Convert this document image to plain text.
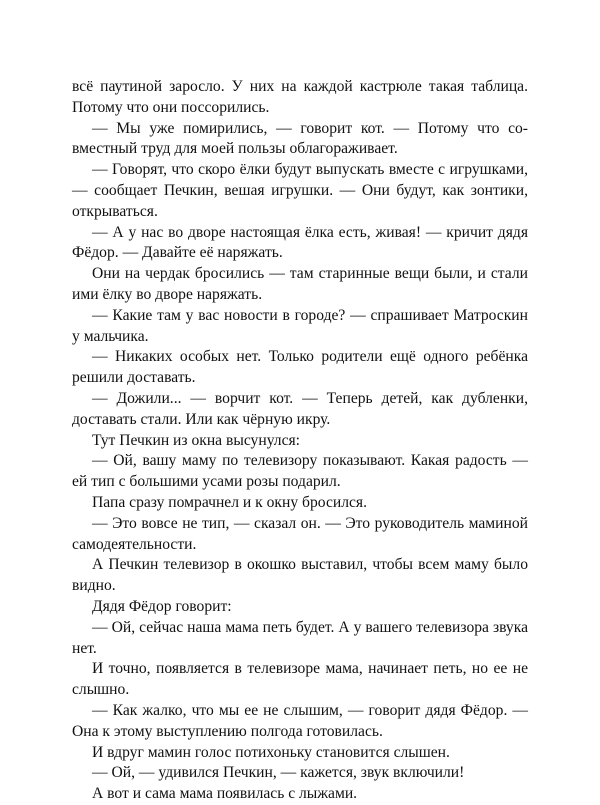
всё паутиной заросло. У них на каждой кастрюле такая таблица. Потому что они поссорились.

— Мы уже помирились, — говорит кот. — Потому что совместный труд для моей пользы облагораживает.

— Говорят, что скоро ёлки будут выпускать вместе с игрушками, — сообщает Печкин, вешая игрушки. — Они будут, как зонтики, открываться.

— А у нас во дворе настоящая ёлка есть, живая! — кричит дядя Фёдор. — Давайте её наряжать.

Они на чердак бросились — там старинные вещи были, и стали ими ёлку во дворе наряжать.

— Какие там у вас новости в городе? — спрашивает Матроскин у мальчика.

— Никаких особых нет. Только родители ещё одного ребёнка решили доставать.

— Дожили... — ворчит кот. — Теперь детей, как дубленки, доставать стали. Или как чёрную икру.

Тут Печкин из окна высунулся:

— Ой, вашу маму по телевизору показывают. Какая радость — ей тип с большими усами розы подарил.

Папа сразу помрачнел и к окну бросился.

— Это вовсе не тип, — сказал он. — Это руководитель маминой самодеятельности.

А Печкин телевизор в окошко выставил, чтобы всем маму было видно.

Дядя Фёдор говорит:

— Ой, сейчас наша мама петь будет. А у вашего телевизора звука нет.

И точно, появляется в телевизоре мама, начинает петь, но ее не слышно.

— Как жалко, что мы ее не слышим, — говорит дядя Фёдор. — Она к этому выступлению полгода готовилась.

И вдруг мамин голос потихоньку становится слышен.

— Ой, — удивился Печкин, — кажется, звук включили!

А вот и сама мама появилась с лыжами.
